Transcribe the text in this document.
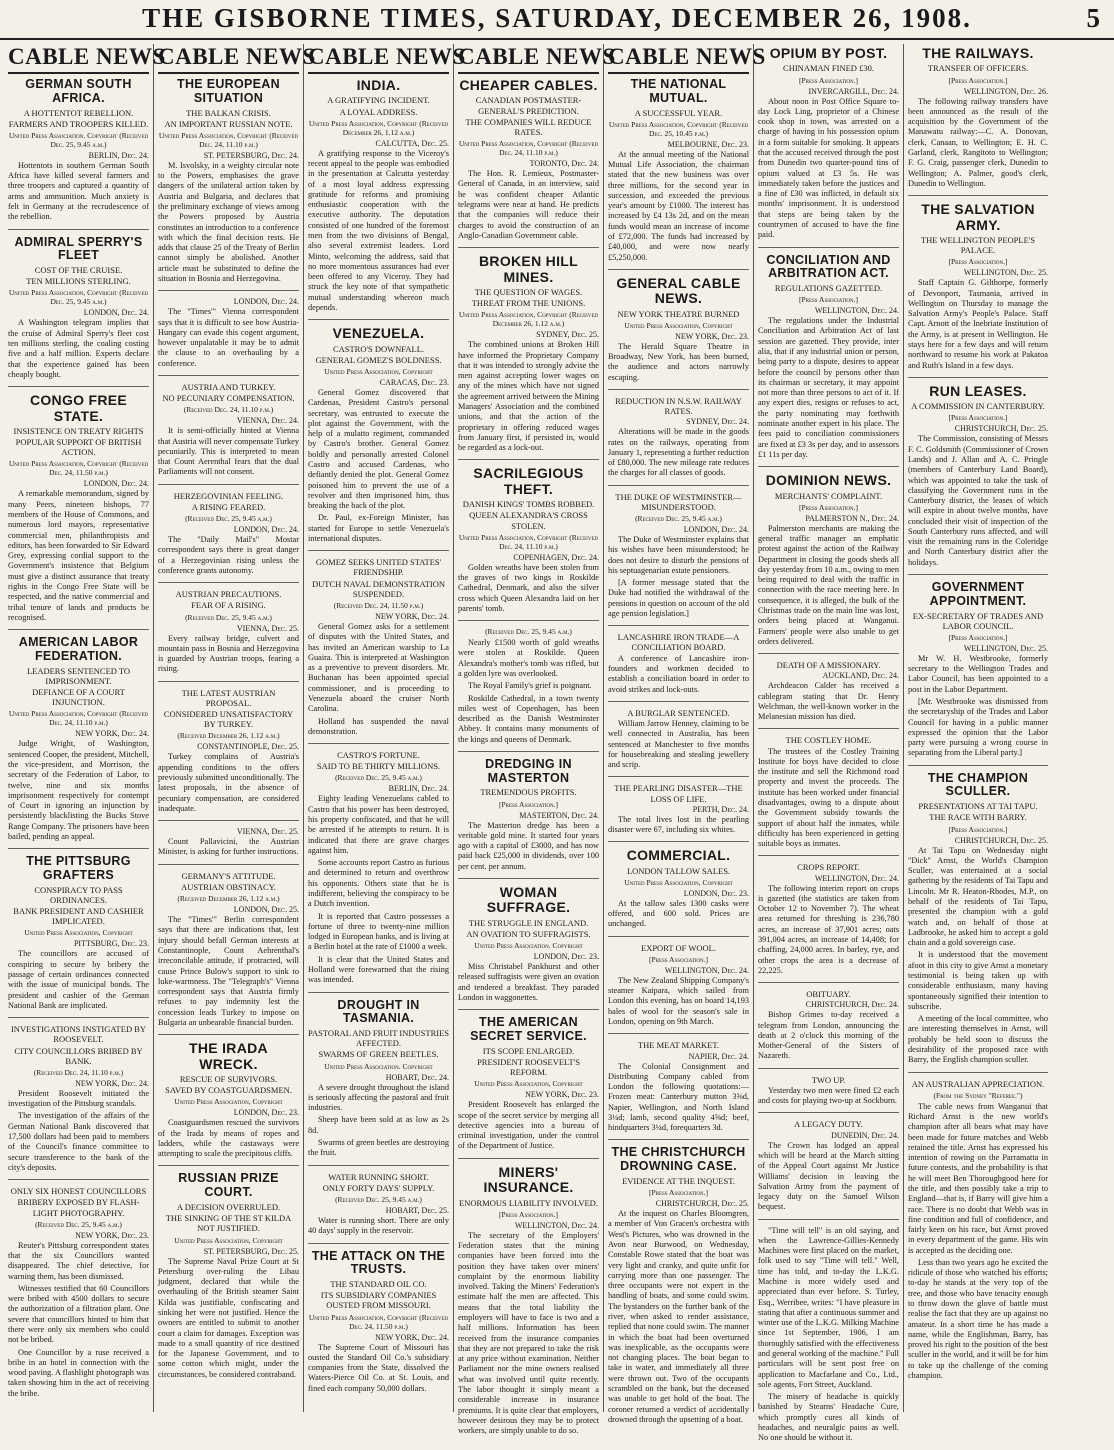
THE GISBORNE TIMES, SATURDAY, DECEMBER 26, 1908.	5
CABLE NEWS
GERMAN SOUTH AFRICA.
A HOTTENTOT REBELLION.
FARMERS AND TROOPERS KILLED.
United Press Association. Copyright (Received Dec. 25, 9.45 a.m.)
BERLIN, Dec. 24.

Hottentots in southern German South Africa have killed several farmers and three troopers and captured a quantity of arms and ammunition. Much anxiety is felt in Germany at the recrudescence of the rebellion.

ADMIRAL SPERRY'S FLEET
COST OF THE CRUISE.
TEN MILLIONS STERLING.
United Press Association, Copyright (Received Dec. 25, 9.45 a.m.)
LONDON, Dec. 24.

A Washington telegram implies that the cruise of Admiral Sperry's fleet cost ten millions sterling, the coaling costing five and a half million. Experts declare that the experience gained has been cheaply bought.

CONGO FREE STATE.
INSISTENCE ON TREATY RIGHTS
POPULAR SUPPORT OF BRITISH ACTION.
United Press Association, Copyright (Received Dec. 24, 11.50 p.m.)
LONDON, Dec. 24.

A remarkable memorandum, signed by many Peers, nineteen bishops, 77 members of the House of Commons, and numerous lord mayors, representative commercial men, philanthropists and editors, has been forwarded to Sir Edward Grey, expressing cordial support to the Government's insistence that Belgium must give a distinct assurance that treaty rights in the Congo Free State will be respected, and the native commercial and tribal tenure of lands and products be recognised.

AMERICAN LABOR FEDERATION.
LEADERS SENTENCED TO IMPRISONMENT.
DEFIANCE OF A COURT INJUNCTION.
United Press Association, Copyright (Received Dec. 24, 11.10 p.m.)
NEW YORK, Dec. 24.

Judge Wright, of Washington, sentenced Cooper, the president, Mitchell, the vice-president, and Morrison, the secretary of the Federation of Labor, to twelve, nine and six months imprisonment respectively for contempt of Court in ignoring an injunction by persistently blacklisting the Bucks Stove Range Company. The prisoners have been bailed, pending an appeal.

THE PITTSBURG GRAFTERS
CONSPIRACY TO PASS ORDINANCES.
BANK PRESIDENT AND CASHIER IMPLICATED.
United Press Association, Copyright
PITTSBURG, Dec. 23.

The councillors are accused of conspiring to secure by bribery the passage of certain ordinances connected with the issue of municipal bonds. The president and cashier of the German National Bank are implicated.

INVESTIGATIONS INSTIGATED BY ROOSEVELT.
CITY COUNCILLORS BRIBED BY BANK.
(Received Dec. 24, 11.10 p.m.)
NEW YORK, Dec. 24.

President Roosevelt initiated the investigation of the Pittsburg scandals.

The investigation of the affairs of the German National Bank discovered that 17,500 dollars had been paid to members of the Council's finance committee to secure transference to the bank of the city's deposits.

ONLY SIX HONEST COUNCILLORS
BRIBERY EXPOSED BY FLASH-LIGHT PHOTOGRAPHY.
(Received Dec. 25, 9.45 a.m.)
NEW YORK, Dec. 23.

Reuter's Pittsburg correspondent states that the six Councillors wanted disappeared. The chief detective, for warning them, has been dismissed.

Witnesses testified that 60 Councillors were bribed with 4500 dollars to secure the authorization of a filtration plant. One severe that councillors hinted to him that there were only six members who could not be bribed.

One Councillor by a ruse received a bribe in an hotel in connection with the wood paving. A flashlight photograph was taken showing him in the act of receiving the bribe.

CABLE NEWS
THE EUROPEAN SITUATION
THE BALKAN CRISIS.
AN IMPORTANT RUSSIAN NOTE.
United Press Association, Copyright (Received Dec. 24, 11.10 p.m.)
ST. PETERSBURG, Dec. 24.

M. Isvolsky, in a weighty circular note to the Powers, emphasises the grave dangers of the unilateral action taken by Austria and Bulgaria, and declares that the preliminary exchange of views among the Powers proposed by Austria constitutes an introduction to a conference with which the final decision rests. He adds that clause 25 of the Treaty of Berlin cannot simply be abolished. Another article must be substituted to define the situation in Bosnia and Herzegovina.

LONDON, Dec. 24.

The "Times'" Vienna correspondent says that it is difficult to see how Austria-Hungary can evade this cogent argument, however unpalatable it may be to admit the clause to an overhauling by a conference.

AUSTRIA AND TURKEY.
NO PECUNIARY COMPENSATION.
(Received Dec. 24, 11.10 p.m.)
VIENNA, Dec. 24.

It is semi-officially hinted at Vienna that Austria will never compensate Turkey pecuniarily. This is interpreted to mean that Count Aerenthal fears that the dual Parliaments will not consent.

HERZEGOVINIAN FEELING.
A RISING FEARED.
(Received Dec. 25, 9.45 a.m.)
LONDON, Dec. 24.

The "Daily Mail's" Mostar correspondent says there is great danger of a Herzegovinian rising unless the conference grants autonomy.

AUSTRIAN PRECAUTIONS.
FEAR OF A RISING.
(Received Dec. 25, 9.45 a.m.)
VIENNA, Dec. 25.

Every railway bridge, culvert and mountain pass in Bosnia and Herzegovina is guarded by Austrian troops, fearing a rising.

THE LATEST AUSTRIAN PROPOSAL.
CONSIDERED UNSATISFACTORY BY TURKEY.
(Received December 26, 1.12 a.m.)
CONSTANTINOPLE, Dec. 25.

Turkey complains of Austria's appending conditions to the offers previously submitted unconditionally. The latest proposals, in the absence of pecuniary compensation, are considered inadequate.

VIENNA, Dec. 25.

Count Pallavicini, the Austrian Minister, is asking for further instructions.

GERMANY'S ATTITUDE.
AUSTRIAN OBSTINACY.
(Received December 26, 1.12 a.m.)
LONDON, Dec. 25.

The "Times'" Berlin correspondent says that there are indications that, lest injury should befall German interests at Constantinople, Count Aehrenthal's irreconcilable attitude, if protracted, will cause Prince Bulow's support to sink to luke-warmness. The "Telegraph's" Vienna correspondent says that Austria firmly refuses to pay indemnity lest the concession leads Turkey to impose on Bulgaria an unbearable financial burden.

THE IRADA WRECK.
RESCUE OF SURVIVORS.
SAVED BY COASTGUARDSMEN.
United Press Association, Copyright
LONDON, Dec. 23.

Coastguardsmen rescued the survivors of the Irada by means of ropes and ladders, while the castaways were attempting to scale the precipitous cliffs.

RUSSIAN PRIZE COURT.
A DECISION OVERRULED.
THE SINKING OF THE ST KILDA NOT JUSTIFIED.
United Press Association, Copyright
ST. PETERSBURG, Dec. 25.

The Supreme Naval Prize Court at St Petersburg over-ruling the Libau judgment, declared that while the overhauling of the British steamer Saint Kilda was justifiable, confiscating and sinking her were not justified. Hence the owners are entitled to submit to another court a claim for damages. Exception was made to a small quantity of rice destined for the Japanese Government, and to some cotton which might, under the circumstances, be considered contraband.

CABLE NEWS
INDIA.
A GRATIFYING INCIDENT.
A LOYAL ADDRESS.
United Press Association, Copyright (Received December 26, 1.12 a.m.)
CALCUTTA, Dec. 25.

A gratifying response to the Viceroy's recent appeal to the people was embodied in the presentation at Calcutta yesterday of a most loyal address expressing gratitude for reforms and promising enthusiastic cooperation with the executive authority. The deputation consisted of one hundred of the foremost men from the two divisions of Bengal, also several extremist leaders. Lord Minto, welcoming the address, said that no more momentous assurances had ever been offered to any Viceroy. They had struck the key note of that sympathetic mutual understanding whereon much depends.

VENEZUELA.
CASTRO'S DOWNFALL.
GENERAL GOMEZ'S BOLDNESS.
United Press Association, Copyright
CARACAS, Dec. 23.

General Gomez discovered that Cardenas, President Castro's personal secretary, was entrusted to execute the plot against the Government, with the help of a mulatto regiment, commanded by Castro's brother. General Gomez boldly and personally arrested Colonel Castro and accused Cardenas, who defiantly denied the plot. General Gomez poisoned him to prevent the use of a revolver and then imprisoned him, thus breaking the back of the plot.

Dr. Paul, ex-Foreign Minister, has started for Europe to settle Venezuela's international disputes.

GOMEZ SEEKS UNITED STATES' FRIENDSHIP.
DUTCH NAVAL DEMONSTRATION SUSPENDED.
(Received Dec. 24, 11.50 p.m.)
NEW YORK, Dec. 24.

General Gomez asks for a settlement of disputes with the United States, and has invited an American warship to La Guaira. This is interpreted at Washington as a preventive to prevent disorders. Mr. Buchanan has been appointed special commissioner, and is proceeding to Venezuela aboard the cruiser North Carolina.

Holland has suspended the naval demonstration.

CASTRO'S FORTUNE.
SAID TO BE THIRTY MILLIONS.
(Received Dec. 25, 9.45 a.m.)
BERLIN, Dec. 24.

Eighty leading Venezuelans cabled to Castro that his power has been destroyed, his property confiscated, and that he will be arrested if he attempts to return. It is indicated that there are grave charges against him.

Some accounts report Castro as furious and determined to return and overthrow his opponents. Others state that he is indifferent, believing the conspiracy to be a Dutch invention.

It is reported that Castro possesses a fortune of three to twenty-nine million lodged in European banks, and is living at a Berlin hotel at the rate of £1000 a week.

It is clear that the United States and Holland were forewarned that the rising was intended.

DROUGHT IN TASMANIA.
PASTORAL AND FRUIT INDUSTRIES AFFECTED.
SWARMS OF GREEN BEETLES.
United Press Association. Copyright
HOBART, Dec. 24.

A severe drought throughout the island is seriously affecting the pastoral and fruit industries.

Sheep have been sold at as low as 2s 8d.

Swarms of green beetles are destroying the fruit.

WATER RUNNING SHORT.
ONLY FORTY DAYS' SUPPLY.
(Received Dec. 25, 9.45 a.m.)
HOBART, Dec. 25.

Water is running short. There are only 40 days' supply in the reservoir.

THE ATTACK ON THE TRUSTS.
THE STANDARD OIL CO.
ITS SUBSIDIARY COMPANIES OUSTED FROM MISSOURI.
United Press Association, Copyright (Received Dec. 24, 11.50 p.m.)
NEW YORK, Dec. 24.

The Supreme Court of Missouri has ousted the Standard Oil Co.'s subsidiary companies from the State, dissolved the Waters-Pierce Oil Co. at St. Louis, and fined each company 50,000 dollars.

CABLE NEWS
CHEAPER CABLES.
CANADIAN POSTMASTER-GENERAL'S PREDICTION.
THE COMPANIES WILL REDUCE RATES.
United Press Association, Copyright (Received Dec. 24, 11.10 p.m.)
TORONTO, Dec. 24.

The Hon. R. Lemieux, Postmaster-General of Canada, in an interview, said he was confident cheaper Atlantic telegrams were near at hand. He predicts that the companies will reduce their charges to avoid the construction of an Anglo-Canadian Government cable.

BROKEN HILL MINES.
THE QUESTION OF WAGES.
THREAT FROM THE UNIONS.
United Press Association, Copyright (Received December 26, 1.12 a.m.)
SYDNEY, Dec. 25.

The combined unions at Broken Hill have informed the Proprietary Company that it was intended to strongly advise the men against accepting lower wages on any of the mines which have not signed the agreement arrived between the Mining Managers' Association and the combined unions, and that the action of the proprietary in offering reduced wages from January first, if persisted in, would be regarded as a lock-out.

SACRILEGIOUS THEFT.
DANISH KINGS' TOMBS ROBBED.
QUEEN ALEXANDRA'S CROSS STOLEN.
United Press Association, Copyright (Received Dec. 24, 11.10 p.m.)
COPENHAGEN, Dec. 24.

Golden wreaths have been stolen from the graves of two kings in Roskilde Cathedral, Denmark, and also the silver cross which Queen Alexandra laid on her parents' tomb.

(Received Dec. 25, 9.45 a.m.)

Nearly £1500 worth of gold wreaths were stolen at Roskilde. Queen Alexandra's mother's tomb was rifled, but a golden lyre was overlooked.

The Royal Family's grief is poignant.

Roskilde Cathedral, in a town twenty miles west of Copenhagen, has been described as the Danish Westminster Abbey. It contains many monuments of the kings and queens of Denmark.

DREDGING IN MASTERTON
TREMENDOUS PROFITS.
[Press Association.]
MASTERTON, Dec. 24.

The Masterton dredge has been a veritable gold mine. It started four years ago with a capital of £3000, and has now paid back £25,000 in dividends, over 100 per cent. per annum.

WOMAN SUFFRAGE.
THE STRUGGLE IN ENGLAND.
AN OVATION TO SUFFRAGISTS.
United Press Association. Copyright
LONDON, Dec. 23.

Miss Christabel Pankhurst and other released suffragists were given an ovation and tendered a breakfast. They paraded London in waggonettes.

THE AMERICAN SECRET SERVICE.
ITS SCOPE ENLARGED.
PRESIDENT ROOSEVELT'S REFORM.
United Press Association, Copyright
NEW YORK, Dec. 23.

President Roosevelt has enlarged the scope of the secret service by merging all detective agencies into a bureau of criminal investigation, under the control of the Department of Justice.

MINERS' INSURANCE.
ENORMOUS LIABILITY INVOLVED.
[Press Association.]
WELLINGTON, Dec. 24.

The secretary of the Employers' Federation states that the mining companies have been forced into the position they have taken over miners' complaint by the enormous liability involved. Taking the Miners' Federation's estimate half the men are affected. This means that the total liability the employers will have to face is two and a half millions. Information has been received from the insurance companies that they are not prepared to take the risk at any price without examination. Neither Parliament nor the mine owners realised what was involved until quite recently. The labor thought it simply meant a considerable increase in insurance premiums. It is quite clear that employers, however desirous they may be to protect workers, are simply unable to do so.

CABLE NEWS
THE NATIONAL MUTUAL.
A SUCCESSFUL YEAR.
United Press Association, Copyright (Received Dec. 25, 10.45 p.m.)
MELBOURNE, Dec. 23.

At the annual meeting of the National Mutual Life Association, the chairman stated that the new business was over three millions, for the second year in succession, and exceeded the previous year's amount by £1000. The interest has increased by £4 13s 2d, and on the mean funds would mean an increase of income of £72,000. The funds had increased by £40,000, and were now nearly £5,250,000.

GENERAL CABLE NEWS.
NEW YORK THEATRE BURNED
United Press Association, Copyright
NEW YORK, Dec. 23.

The Herald Square Theatre in Broadway, New York, has been burned, the audience and actors narrowly escaping.

REDUCTION IN N.S.W. RAILWAY RATES.
SYDNEY, Dec. 24.

Alterations will be made in the goods rates on the railways, operating from January 1, representing a further reduction of £80,000. The new mileage rate reduces the charges for all classes of goods.

THE DUKE OF WESTMINSTER—MISUNDERSTOOD.
(Received Dec. 25, 9.45 a.m.)
LONDON, Dec. 24.

The Duke of Westminster explains that his wishes have been misunderstood; he does not desire to disturb the pensions of his septuagenarian estate pensioners.

[A former message stated that the Duke had notified the withdrawal of the pensions in question on account of the old age pension legislation.]

LANCASHIRE IRON TRADE—A CONCILIATION BOARD.

A conference of Lancashire iron-founders and workmen decided to establish a conciliation board in order to avoid strikes and lock-outs.

A BURGLAR SENTENCED.

William Jarrow Henney, claiming to be well connected in Australia, has been sentenced at Manchester to five months for housebreaking and stealing jewellery and scrip.

THE PEARLING DISASTER—THE LOSS OF LIFE.
PERTH, Dec. 24.

The total lives lost in the pearling disaster were 67, including six whites.

COMMERCIAL.
LONDON TALLOW SALES.
United Press Association, Copyright
LONDON, Dec. 23.

At the tallow sales 1300 casks were offered, and 600 sold. Prices are unchanged.

EXPORT OF WOOL.
[Press Association.]
WELLINGTON, Dec. 24.

The New Zealand Shipping Company's steamer Kaipara, which sailed from London this evening, has on board 14,193 bales of wool for the season's sale in London, opening on 9th March.

THE MEAT MARKET.
NAPIER, Dec. 24.

The Colonial Consignment and Distributing Company cabled from London the following quotations:—Frozen meat: Canterbury mutton 3⅝d, Napier, Wellington, and North Island 3¼d; lamb, second quality 4⅝d; beef, hindquarters 3¼d, forequarters 3d.

THE CHRISTCHURCH DROWNING CASE.
EVIDENCE AT THE INQUEST.
[Press Association.]
CHRISTCHURCH, Dec. 25.

At the inquest on Charles Bloomgren, a member of Von Gracen's orchestra with West's Pictures, who was drowned in the Avon near Burwood, on Wednesday, Constable Rowe stated that the boat was very light and cranky, and quite unfit for carrying more than one passenger. The three occupants were not expert in the handling of boats, and some could swim. The bystanders on the further bank of the river, when asked to render assistance, replied that none could swim. The manner in which the boat had been overturned was inexplicable, as the occupants were not changing places. The boat began to take in water, and immediately all three were thrown out. Two of the occupants scrambled on the bank, but the deceased was unable to get hold of the boat. The coroner returned a verdict of accidentally drowned through the upsetting of a boat.

OPIUM BY POST.
CHINAMAN FINED £30.
[Press Association.]
INVERCARGILL, Dec. 24.

About noon in Post Office Square to-day Lock Ling, proprietor of a Chinese cook shop in town, was arrested on a charge of having in his possession opium in a form suitable for smoking. It appears that the accused received through the post from Dunedin two quarter-pound tins of opium valued at £3 5s. He was immediately taken before the justices and a fine of £30 was inflicted, in default six months' imprisonment. It is understood that steps are being taken by the countrymen of accused to have the fine paid.

CONCILIATION AND ARBITRATION ACT.
REGULATIONS GAZETTED.
[Press Association.]
WELLINGTON, Dec. 24.

The regulations under the Industrial Conciliation and Arbitration Act of last session are gazetted. They provide, inter alia, that if any industrial union or person, being party to a dispute, desires to appear before the council by persons other than its chairman or secretary, it may appoint not more than three persons to act of it. If any expert dies, resigns or refuses to act, the party nominating may forthwith nominate another expert in his place. The fees paid to conciliation commissioners are fixed at £3 3s per day, and to assessors £1 11s per day.

DOMINION NEWS.
MERCHANTS' COMPLAINT.
[Press Association.]
PALMERSTON N., Dec. 24.

Palmerston merchants are making the general traffic manager an emphatic protest against the action of the Railway Department in closing the goods sheds all day yesterday from 10 a.m., owing to men being required to deal with the traffic in connection with the race meeting here. In consequence, it is alleged, the bulk of the Christmas trade on the main line was lost, orders being placed at Wanganui. Farmers' people were also unable to get orders delivered.

DEATH OF A MISSIONARY.
AUCKLAND, Dec. 24.

Archdeacon Calder has received a cablegram stating that Dr. Henry Welchman, the well-known worker in the Melanesian mission has died.

THE COSTLEY HOME.

The trustees of the Costley Training Institute for boys have decided to close the institute and sell the Richmond road property and invest the proceeds. The institute has been worked under financial disadvantages, owing to a dispute about the Government subsidy towards the support of about half the inmates, while difficulty has been experienced in getting suitable boys as inmates.

CROPS REPORT.
WELLINGTON, Dec. 24.

The following interim report on crops is gazetted (the statistics are taken from October 12 to November 7). The wheat area returned for threshing is 236,780 acres, an increase of 37,901 acres; oats 391,004 acres, an increase of 14,408; for chaffing, 24,000 acres. In barley, rye, and other crops the area is a decrease of 22,225.

OBITUARY.
CHRISTCHURCH, Dec. 24.

Bishop Grimes to-day received a telegram from London, announcing the death at 2 o'clock this morning of the Mother-General of the Sisters of Nazareth.

TWO UP.

Yesterday two men were fined £2 each and costs for playing two-up at Sockburn.

A LEGACY DUTY.
DUNEDIN, Dec. 24.

The Crown has lodged an appeal which will be heard at the March sitting of the Appeal Court against Mr Justice Williams' decision in leaving the Salvation Army from the payment of legacy duty on the Samuel Wilson bequest.

"Time will tell" is an old saying, and when the Lawrence-Gillies-Kennedy Machines were first placed on the market, folk used to say "Time will tell." Well, time has told, and to-day the L.K.G. Machine is more widely used and appreciated than ever before. S. Turley, Esq., Werribee, writes: "I have pleasure in stating that after a continuous summer and winter use of the L.K.G. Milking Machine since 1st September, 1906, I am thoroughly satisfied with the effectiveness and general working of the machine." Full particulars will be sent post free on application to Macfarlane and Co., Ltd., sole agents, Fort Street, Auckland.

The misery of headache is quickly banished by Stearns' Headache Cure, which promptly cures all kinds of headaches, and neuralgic pains as well. No one should be without it.

THE RAILWAYS.
TRANSFER OF OFFICERS.
[Press Association.]
WELLINGTON, Dec. 26.

The following railway transfers have been announced as the result of the acquisition by the Government of the Manawatu railway:—C. A. Donovan, clerk, Canaan, to Wellington; E. H. C. Garland, clerk, Rangitoto to Wellington; F. G. Craig, passenger clerk, Dunedin to Wellington; A. Palmer, good's clerk, Dunedin to Wellington.

THE SALVATION ARMY.
THE WELLINGTON PEOPLE'S PALACE.
[Press Association.]
WELLINGTON, Dec. 25.

Staff Captain G. Gilthorpe, formerly of Devonport, Tasmania, arrived in Wellington on Thursday to manage the Salvation Army's People's Palace. Staff Capt. Arnott of the Inebriate Institution of the Army, is at present in Wellington. He stays here for a few days and will return northward to resume his work at Pakatoa and Ruth's Island in a few days.

RUN LEASES.
A COMMISSION IN CANTERBURY.
[Press Association.]
CHRISTCHURCH, Dec. 25.

The Commission, consisting of Messrs F. C. Goldsmith (Commissioner of Crown Lands) and J. Allan and A. C. Pringle (members of Canterbury Land Board), which was appointed to take the task of classifying the Government runs in the Canterbury district, the leases of which will expire in about twelve months, have concluded their visit of inspection of the South Canterbury runs affected, and will visit the remaining runs in the Coleridge and North Canterbury district after the holidays.

GOVERNMENT APPOINTMENT.
EX-SECRETARY OF TRADES AND LABOR COUNCIL.
[Press Association.]
WELLINGTON, Dec. 25.

Mr W. H. Westbrooke, formerly secretary to the Wellington Trades and Labor Council, has been appointed to a post in the Labor Department.

[Mr. Westbrooke was dismissed from the secretaryship of the Trades and Labor Council for having in a public manner expressed the opinion that the Labor party were pursuing a wrong course in separating from the Liberal party.]

THE CHAMPION SCULLER.
PRESENTATIONS AT TAI TAPU.
THE RACE WITH BARRY.
[Press Association.]
CHRISTCHURCH, Dec. 25.

At Tai Tapu on Wednesday night "Dick" Arnst, the World's Champion Sculler, was entertained at a social gathering by the residents of Tai Tapu and Lincoln. Mr R. Heaton-Rhodes, M.P., on behalf of the residents of Tai Tapu, presented the champion with a gold watch and, on behalf of those at Ladbrooke, he asked him to accept a gold chain and a gold sovereign case.

It is understood that the movement afoot in this city to give Arnst a monetary testimonial is being taken up with considerable enthusiasm, many having spontaneously signified their intention to subscribe.

A meeting of the local committee, who are interesting themselves in Arnst, will probably be held soon to discuss the desirability of the proposed race with Barry, the English champion sculler.

AN AUSTRALIAN APPRECIATION.
(From the Sydney "Referee.")

The cable news from Wanganui that Richard Arnst is the new world's champion after all bears what may have been made for future matches and Webb retained the title. Arnst has expressed his intention of rowing on the Parramatta in future contests, and the probability is that he will meet Ben Thoroughgood here for the title, and then possibly take a trip to England—that is, if Barry will give him a race. There is no doubt that Webb was in fine condition and full of confidence, and fairly keen on his race, but Arnst proved in every department of the game. His win is accepted as the deciding one.

Less than two years ago he excited the ridicule of those who watched his efforts; to-day he stands at the very top of the tree, and those who have tenacity enough to throw down the glove of battle must realise the fact that they are up against no amateur. In a short time he has made a name, while the Englishman, Barry, has proved his right to the position of the best sculler in the world, and it will be for him to take up the challenge of the coming champion.
